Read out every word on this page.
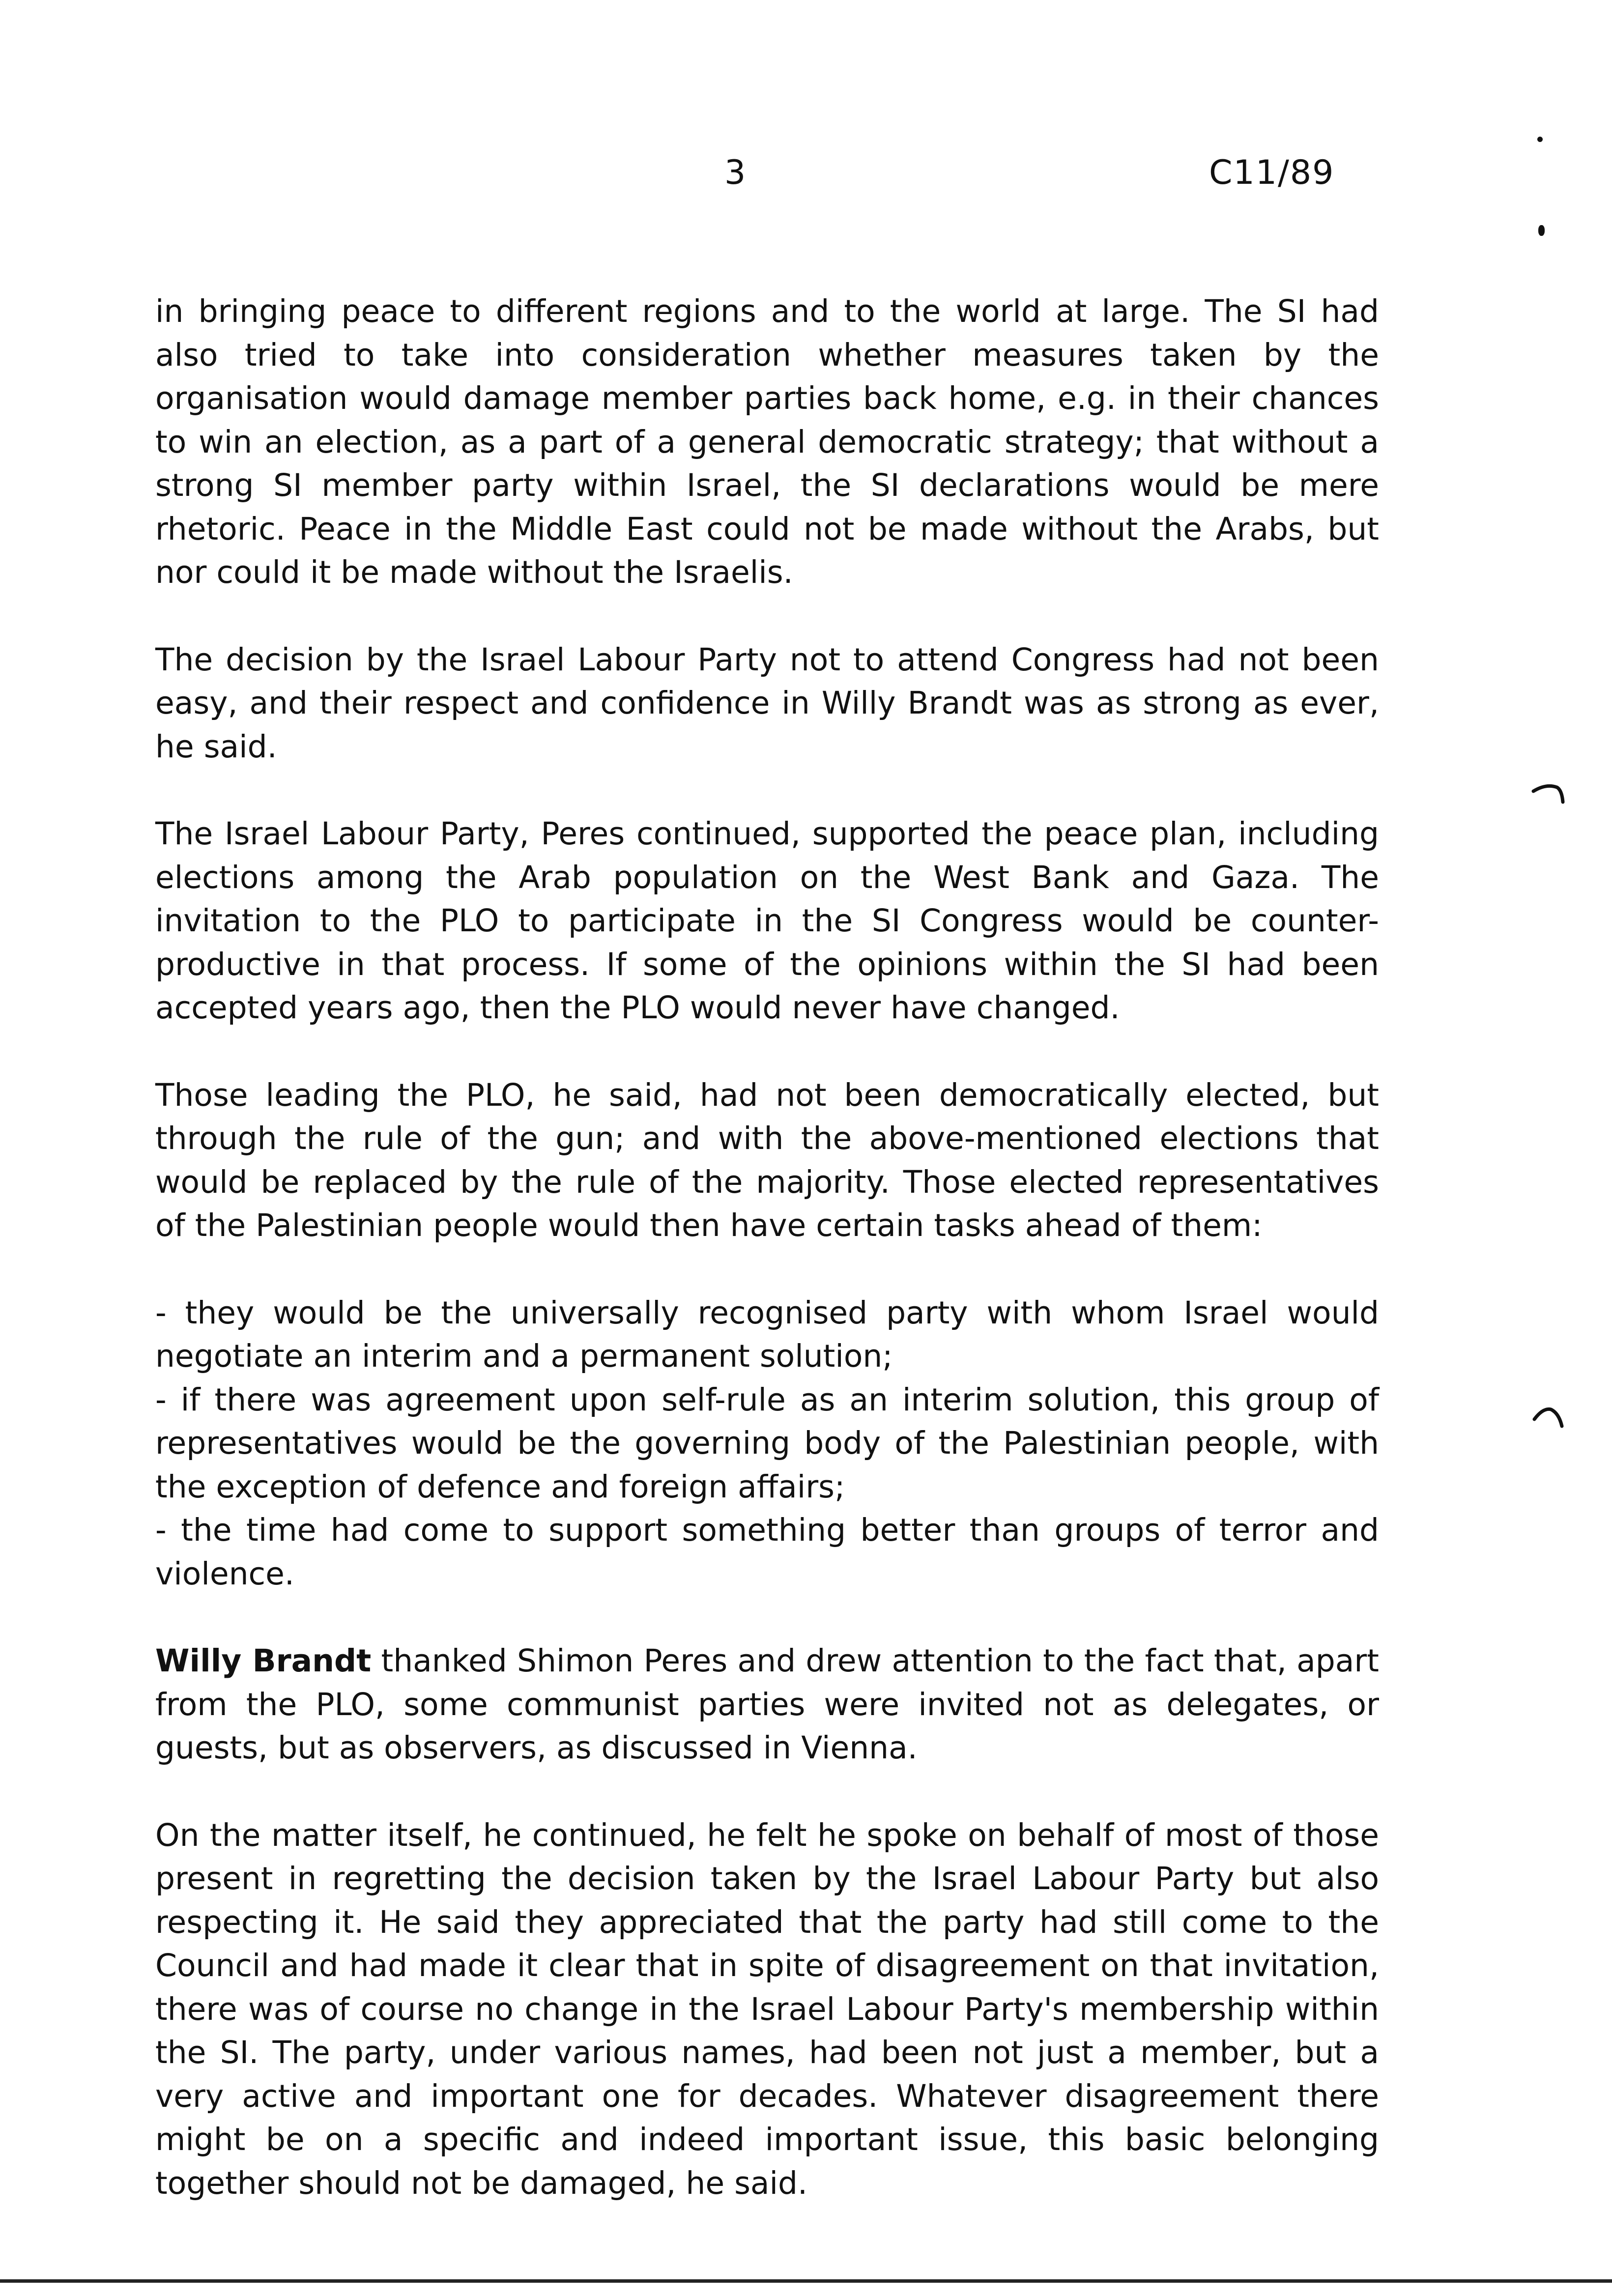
3	C11/89

in bringing peace to different regions and to the world at large. The SI had also tried to take into consideration whether measures taken by the organisation would damage member parties back home, e.g. in their chances to win an election, as a part of a general democratic strategy; that without a strong SI member party within Israel, the SI declarations would be mere rhetoric. Peace in the Middle East could not be made without the Arabs, but nor could it be made without the Israelis.

The decision by the Israel Labour Party not to attend Congress had not been easy, and their respect and confidence in Willy Brandt was as strong as ever, he said.

The Israel Labour Party, Peres continued, supported the peace plan, including elections among the Arab population on the West Bank and Gaza. The invitation to the PLO to participate in the SI Congress would be counter-productive in that process. If some of the opinions within the SI had been accepted years ago, then the PLO would never have changed.

Those leading the PLO, he said, had not been democratically elected, but through the rule of the gun; and with the above-mentioned elections that would be replaced by the rule of the majority. Those elected representatives of the Palestinian people would then have certain tasks ahead of them:

- they would be the universally recognised party with whom Israel would negotiate an interim and a permanent solution;

- if there was agreement upon self-rule as an interim solution, this group of representatives would be the governing body of the Palestinian people, with the exception of defence and foreign affairs;

- the time had come to support something better than groups of terror and violence.

Willy Brandt thanked Shimon Peres and drew attention to the fact that, apart from the PLO, some communist parties were invited not as delegates, or guests, but as observers, as discussed in Vienna.

On the matter itself, he continued, he felt he spoke on behalf of most of those present in regretting the decision taken by the Israel Labour Party but also respecting it. He said they appreciated that the party had still come to the Council and had made it clear that in spite of disagreement on that invitation, there was of course no change in the Israel Labour Party's membership within the SI. The party, under various names, had been not just a member, but a very active and important one for decades. Whatever disagreement there might be on a specific and indeed important issue, this basic belonging together should not be damaged, he said.
